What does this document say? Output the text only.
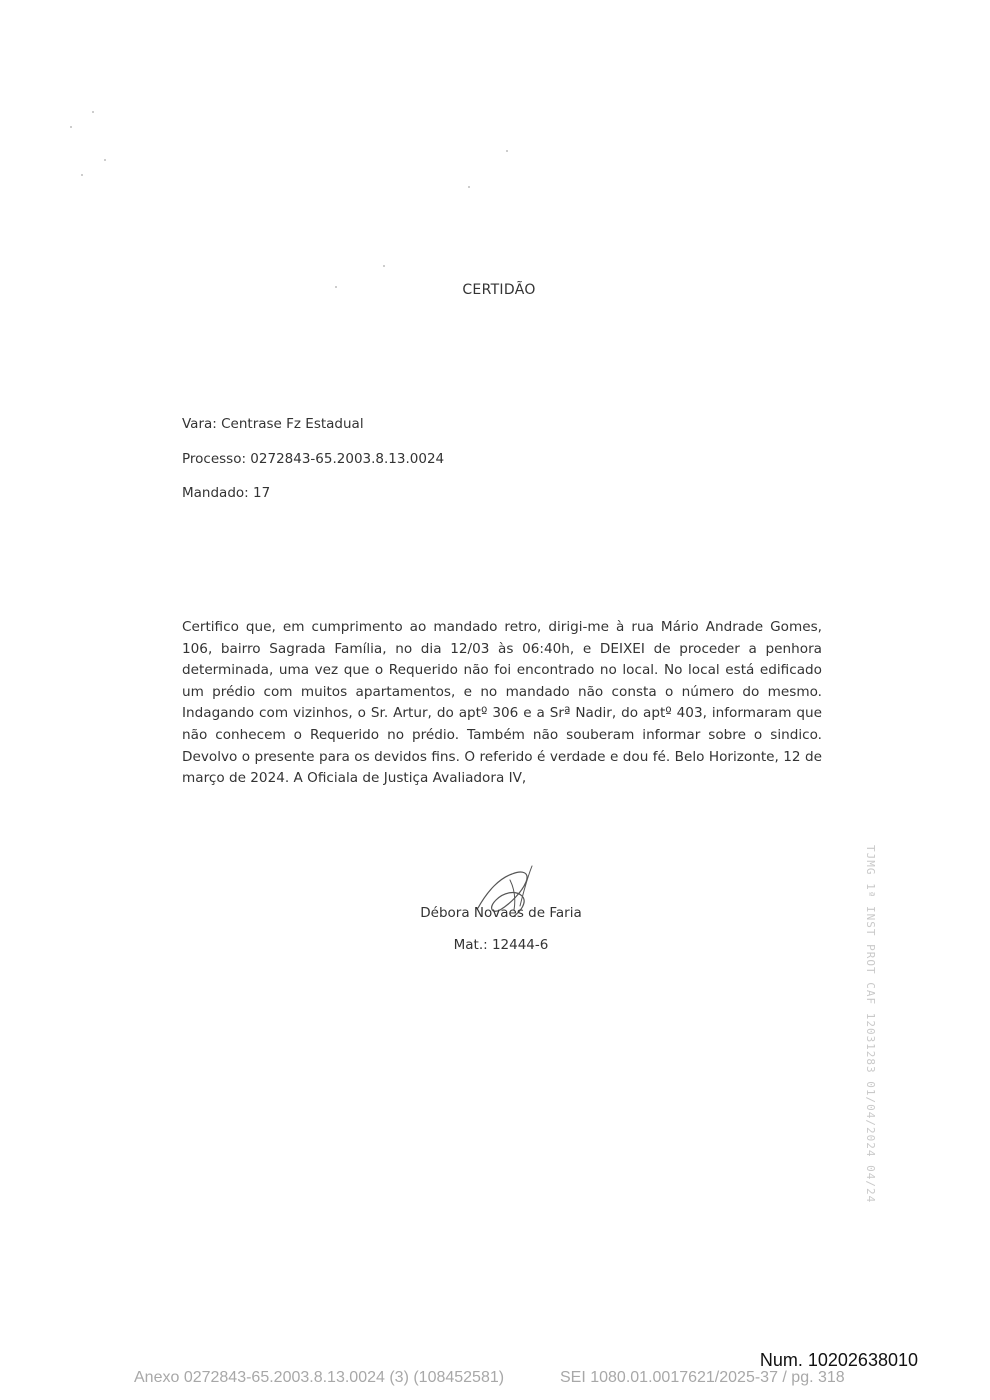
CERTIDÃO
Vara: Centrase Fz Estadual
Processo: 0272843-65.2003.8.13.0024
Mandado: 17
Certifico que, em cumprimento ao mandado retro, dirigi-me à rua Mário Andrade Gomes, 106, bairro Sagrada Família, no dia 12/03 às 06:40h, e DEIXEI de proceder a penhora determinada, uma vez que o Requerido não foi encontrado no local. No local está edificado um prédio com muitos apartamentos, e no mandado não consta o número do mesmo. Indagando com vizinhos, o Sr. Artur, do aptº 306 e a Srª Nadir, do aptº 403, informaram que não conhecem o Requerido no prédio. Também não souberam informar sobre o sindico. Devolvo o presente para os devidos fins. O referido é verdade e dou fé. Belo Horizonte, 12 de março de 2024. A Oficiala de Justiça Avaliadora IV,
Débora Novaes de Faria
Mat.: 12444-6	TJMG 1ª INST PROT CAF 12031283 01/04/2024 04/24
Num. 10202638010
Anexo 0272843-65.2003.8.13.0024 (3) (108452581)	SEI 1080.01.0017621/2025-37 / pg. 318
